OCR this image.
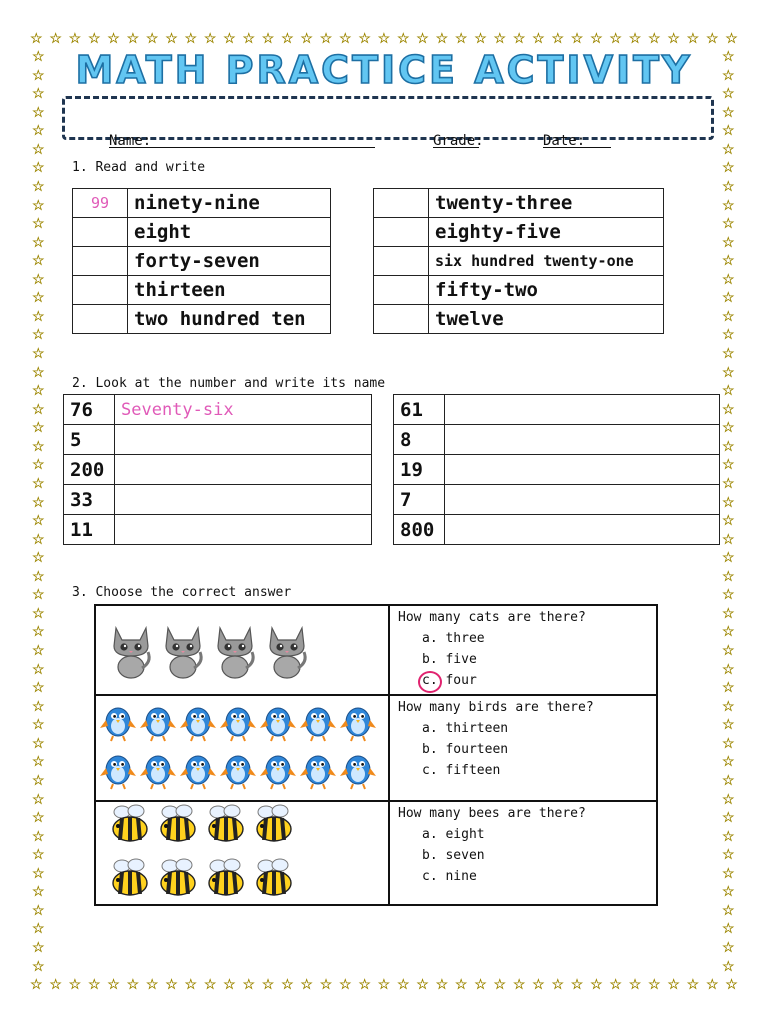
☆ ☆ ☆ ☆ ☆ ☆ ☆ ☆ ☆ ☆ ☆ ☆ ☆ ☆ ☆ ☆ ☆ ☆ ☆ ☆ ☆ ☆ ☆ ☆ ☆ ☆ ☆ ☆ ☆ ☆ ☆ ☆ ☆ ☆ ☆ ☆ ☆
☆ ☆ ☆ ☆ ☆ ☆ ☆ ☆ ☆ ☆ ☆ ☆ ☆ ☆ ☆ ☆ ☆ ☆ ☆ ☆ ☆ ☆ ☆ ☆ ☆ ☆ ☆ ☆ ☆ ☆ ☆ ☆ ☆ ☆ ☆ ☆ ☆
☆
☆
☆
☆
☆
☆
☆
☆
☆
☆
☆
☆
☆
☆
☆
☆
☆
☆
☆
☆
☆
☆
☆
☆
☆
☆
☆
☆
☆
☆
☆
☆
☆
☆
☆
☆
☆
☆
☆
☆
☆
☆
☆
☆
☆
☆
☆
☆
☆
☆
☆
☆
☆
☆
☆
☆
☆
☆
☆
☆
☆
☆
☆
☆
☆
☆
☆
☆
☆
☆
☆
☆
☆
☆
☆
☆
☆
☆
☆
☆
☆
☆
☆
☆
☆
☆
☆
☆
☆
☆
☆
☆
☆
☆
☆
☆
☆
☆
☆
☆
MATH PRACTICE ACTIVITY
Name:	Grade:	Date:
1. Read and write
99	ninety-nine
	eight
	forty-seven
	thirteen
	two hundred ten
	twenty-three
	eighty-five
	six hundred twenty-one
	fifty-two
	twelve
2. Look at the number and write its name
76	Seventy-six
5	
200	
33	
11	
61	
8	
19	
7	
800	
3. Choose the correct answer
How many cats are there?
a. three
b. five
c. four
How many birds are there?
a. thirteen
b. fourteen
c. fifteen
How many bees are there?
a. eight
b. seven
c. nine
